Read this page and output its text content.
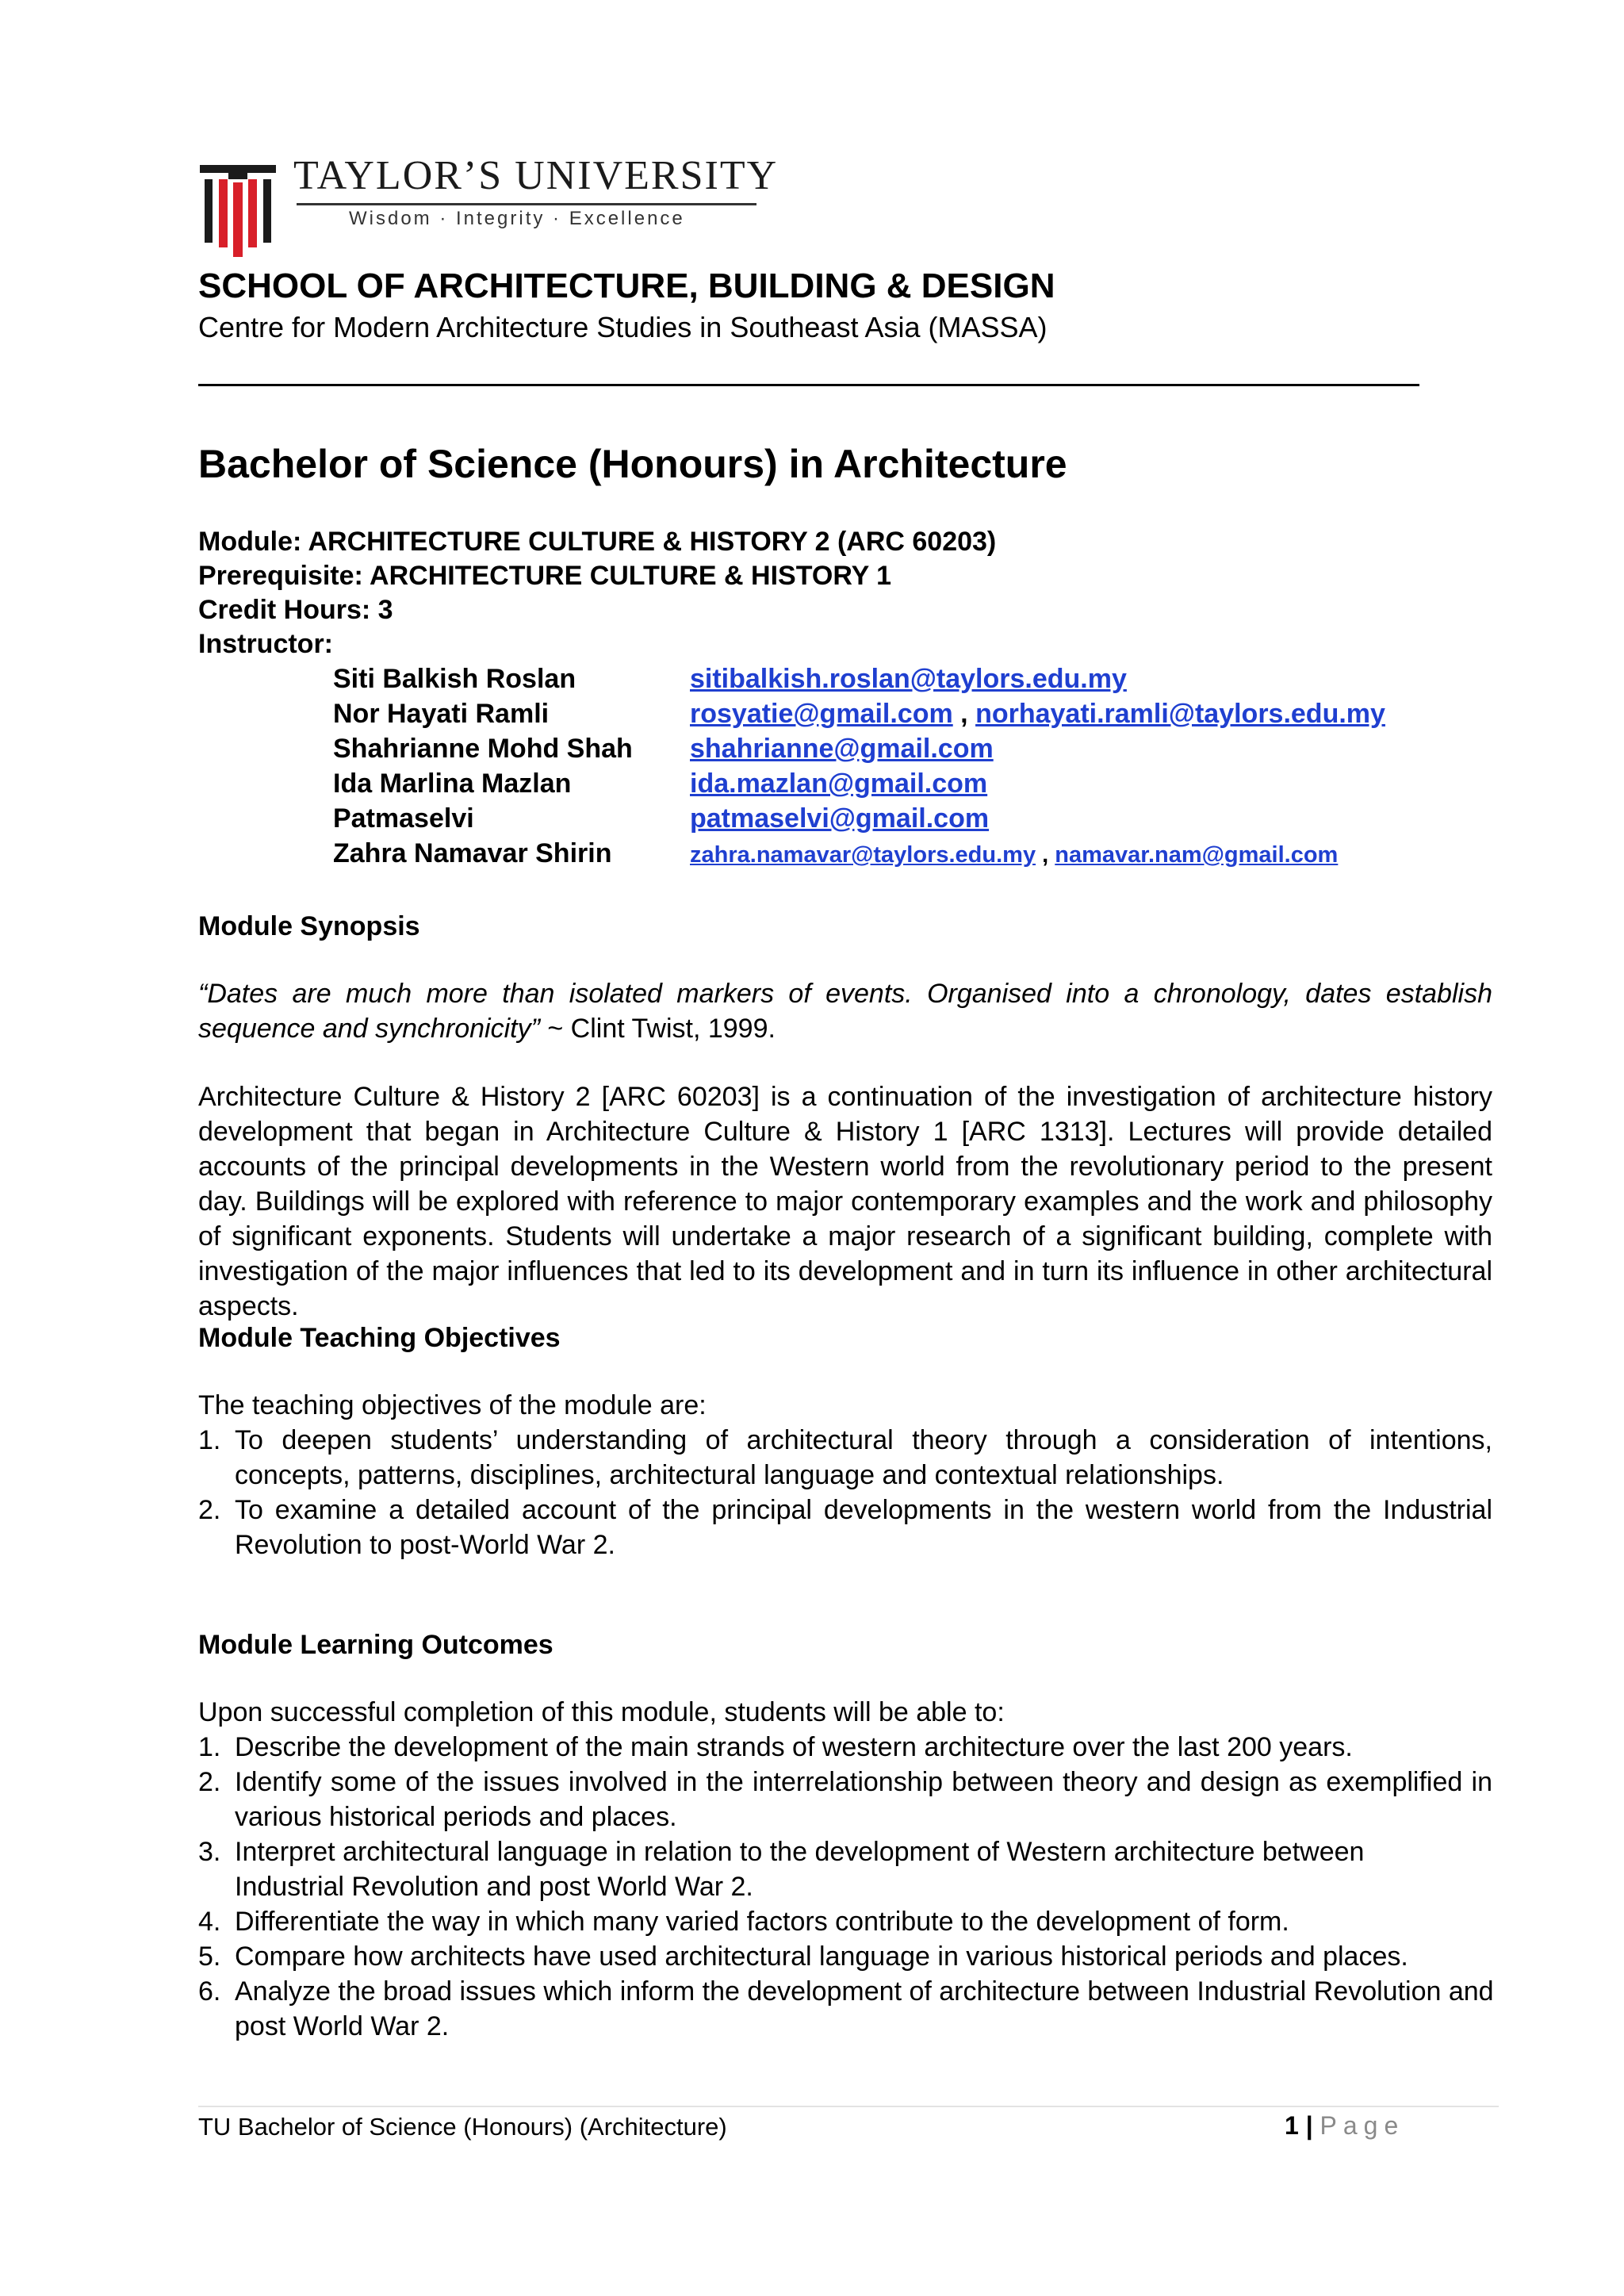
TAYLOR’S UNIVERSITY
Wisdom · Integrity · Excellence
SCHOOL OF ARCHITECTURE, BUILDING & DESIGN
Centre for Modern Architecture Studies in Southeast Asia (MASSA)
Bachelor of Science (Honours) in Architecture
Module: ARCHITECTURE CULTURE & HISTORY 2 (ARC 60203)
Prerequisite: ARCHITECTURE CULTURE & HISTORY 1
Credit Hours: 3
Instructor:
Siti Balkish Roslan	sitibalkish.roslan@taylors.edu.my
Nor Hayati Ramli	rosyatie@gmail.com , norhayati.ramli@taylors.edu.my
Shahrianne Mohd Shah shahrianne@gmail.com
Ida Marlina Mazlan	ida.mazlan@gmail.com
Patmaselvi	patmaselvi@gmail.com
Zahra Namavar Shirin	zahra.namavar@taylors.edu.my , namavar.nam@gmail.com
Module Synopsis
“Dates are much more than isolated markers of events. Organised into a chronology, dates establish sequence and synchronicity” ~ Clint Twist, 1999.
Architecture Culture & History 2 [ARC 60203] is a continuation of the investigation of architecture history development that began in Architecture Culture & History 1 [ARC 1313]. Lectures will provide detailed accounts of the principal developments in the Western world from the revolutionary period to the present day. Buildings will be explored with reference to major contemporary examples and the work and philosophy of significant exponents. Students will undertake a major research of a significant building, complete with investigation of the major influences that led to its development and in turn its influence in other architectural aspects.
Module Teaching Objectives
The teaching objectives of the module are:
1. To deepen students’ understanding of architectural theory through a consideration of intentions, concepts, patterns, disciplines, architectural language and contextual relationships.
2. To examine a detailed account of the principal developments in the western world from the Industrial Revolution to post-World War 2.
Module Learning Outcomes
Upon successful completion of this module, students will be able to:
1. Describe the development of the main strands of western architecture over the last 200 years.
2. Identify some of the issues involved in the interrelationship between theory and design as exemplified in various historical periods and places.
3. Interpret architectural language in relation to the development of Western architecture between Industrial Revolution and post World War 2.
4. Differentiate the way in which many varied factors contribute to the development of form.
5. Compare how architects have used architectural language in various historical periods and places.
6. Analyze the broad issues which inform the development of architecture between Industrial Revolution and post World War 2.
TU Bachelor of Science (Honours) (Architecture)	1 | Page
